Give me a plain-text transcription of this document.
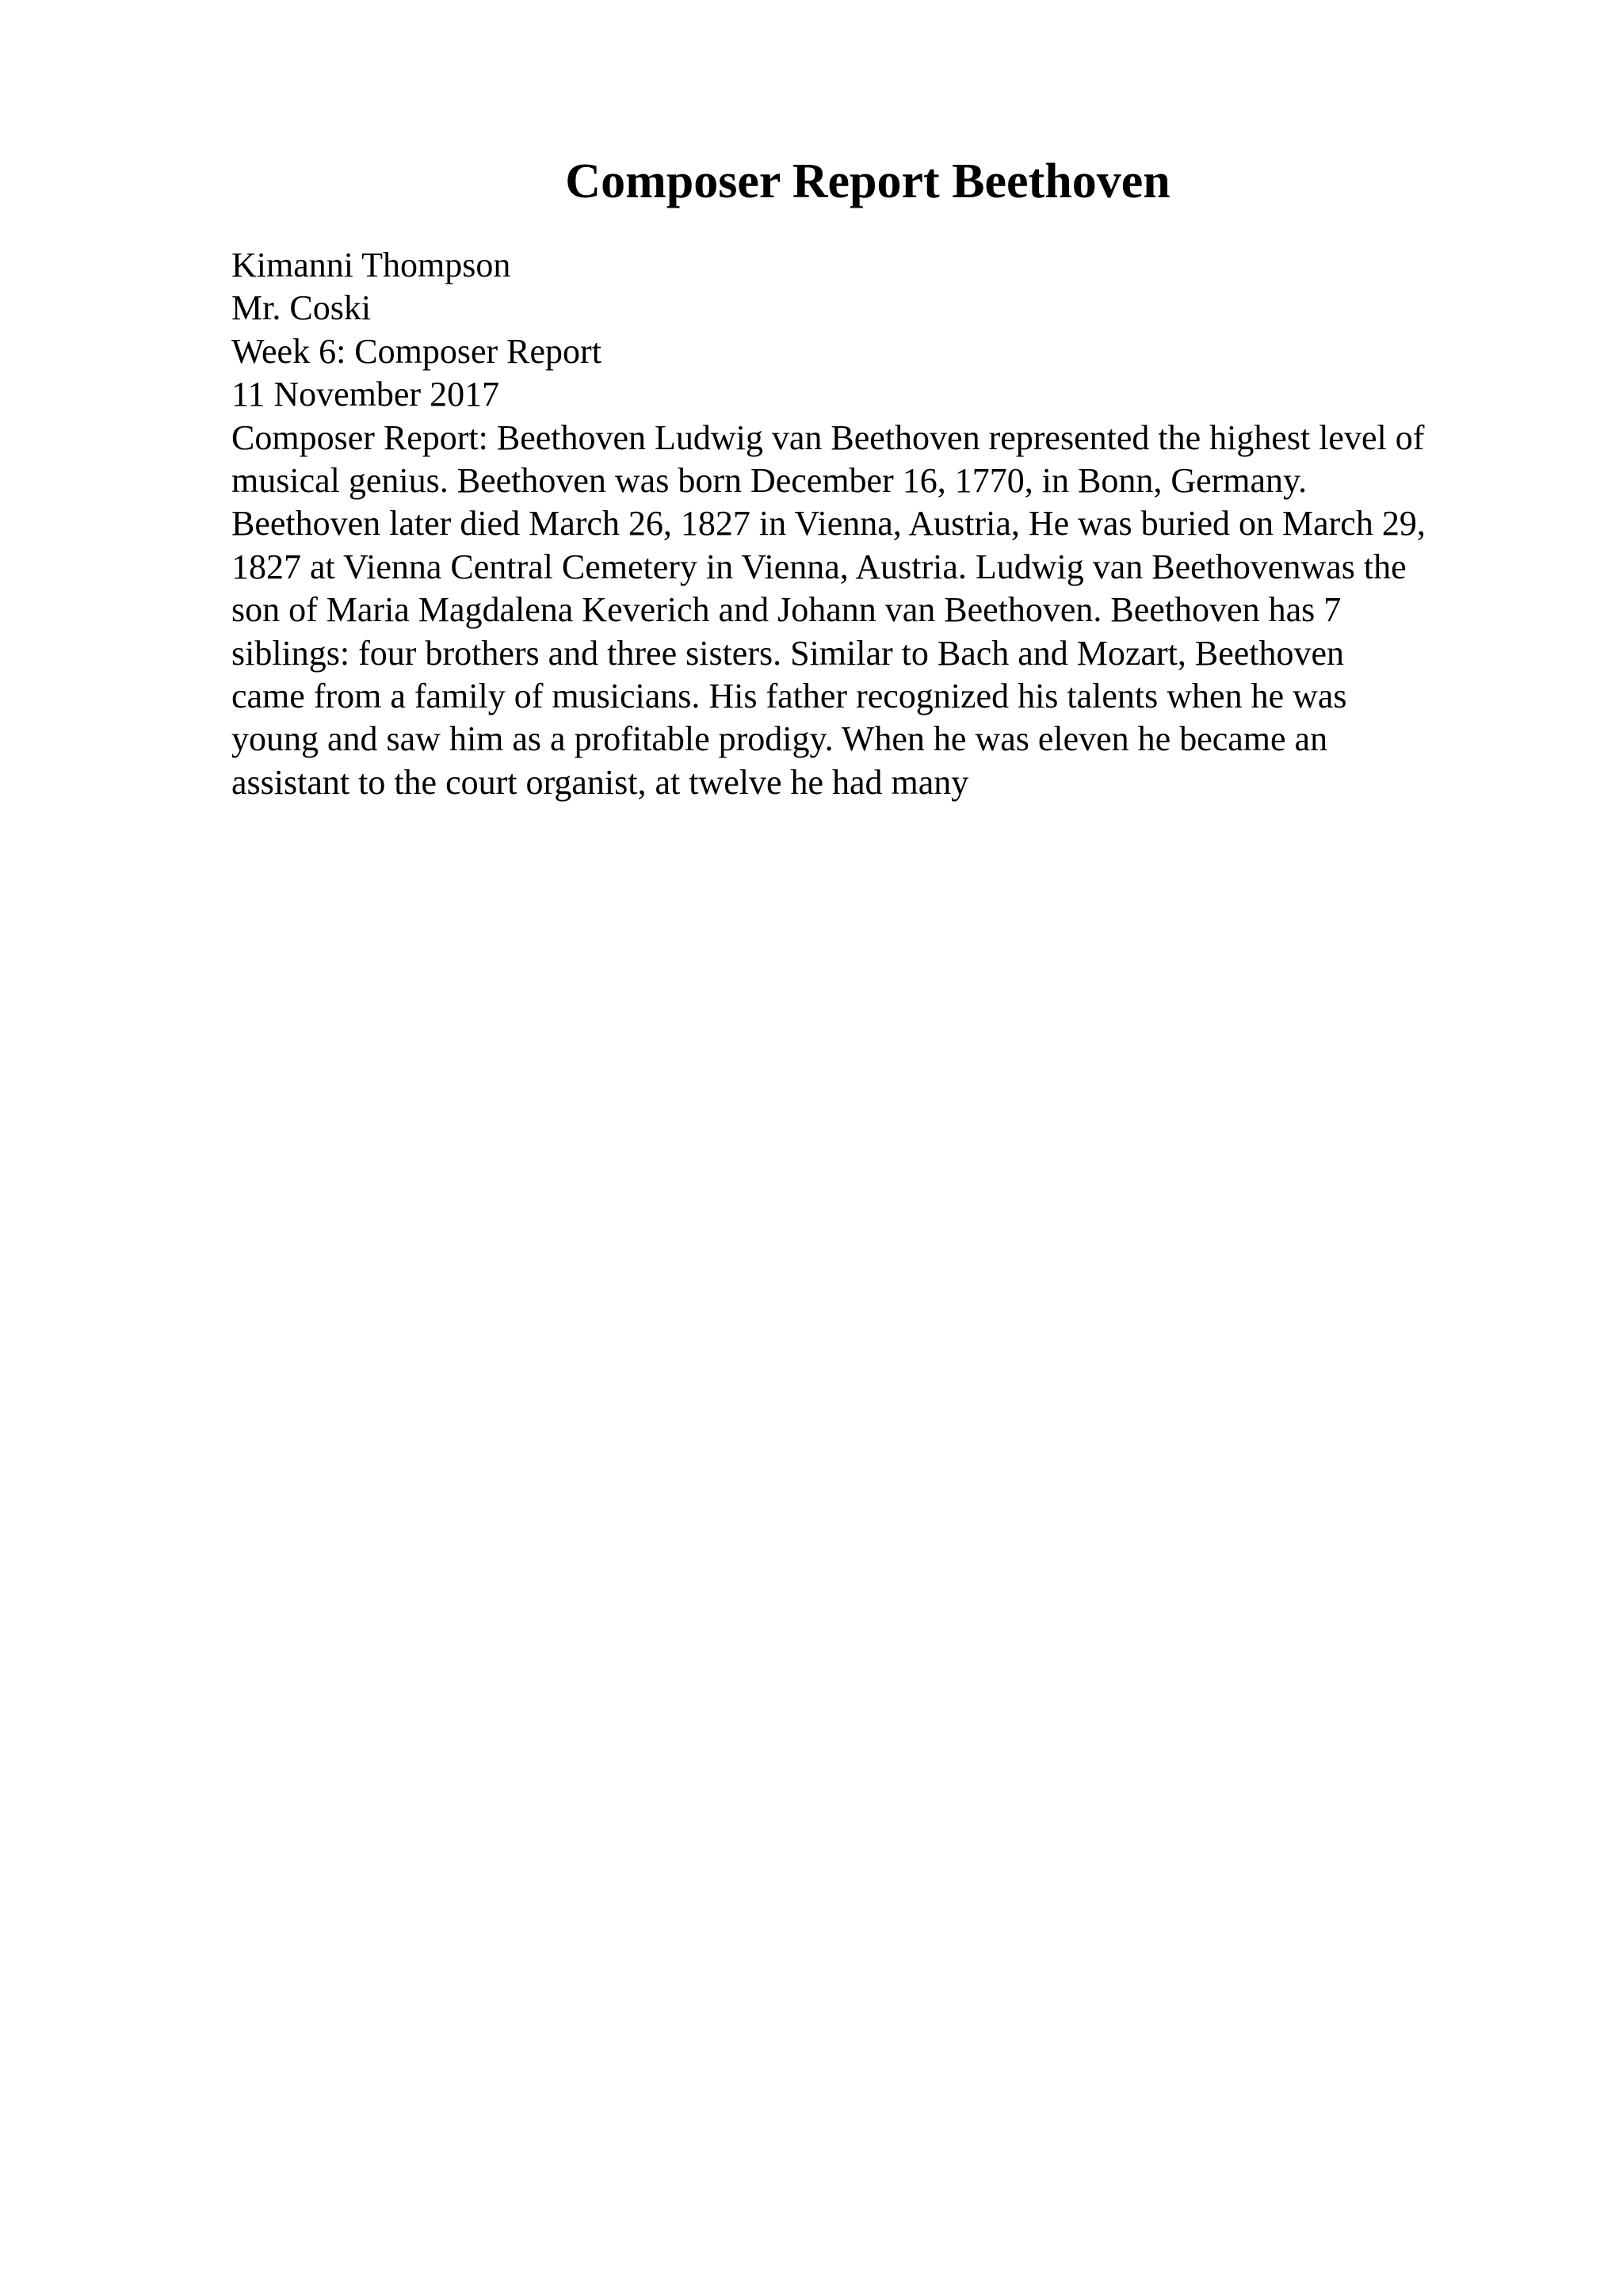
Composer Report Beethoven
Kimanni Thompson
Mr. Coski
Week 6: Composer Report
11 November 2017
Composer Report: Beethoven Ludwig van Beethoven represented the highest level of
musical genius. Beethoven was born December 16, 1770, in Bonn, Germany.
Beethoven later died March 26, 1827 in Vienna, Austria, He was buried on March 29,
1827 at Vienna Central Cemetery in Vienna, Austria. Ludwig van Beethovenwas the
son of Maria Magdalena Keverich and Johann van Beethoven. Beethoven has 7
siblings: four brothers and three sisters. Similar to Bach and Mozart, Beethoven
came from a family of musicians. His father recognized his talents when he was
young and saw him as a profitable prodigy. When he was eleven he became an
assistant to the court organist, at twelve he had many
